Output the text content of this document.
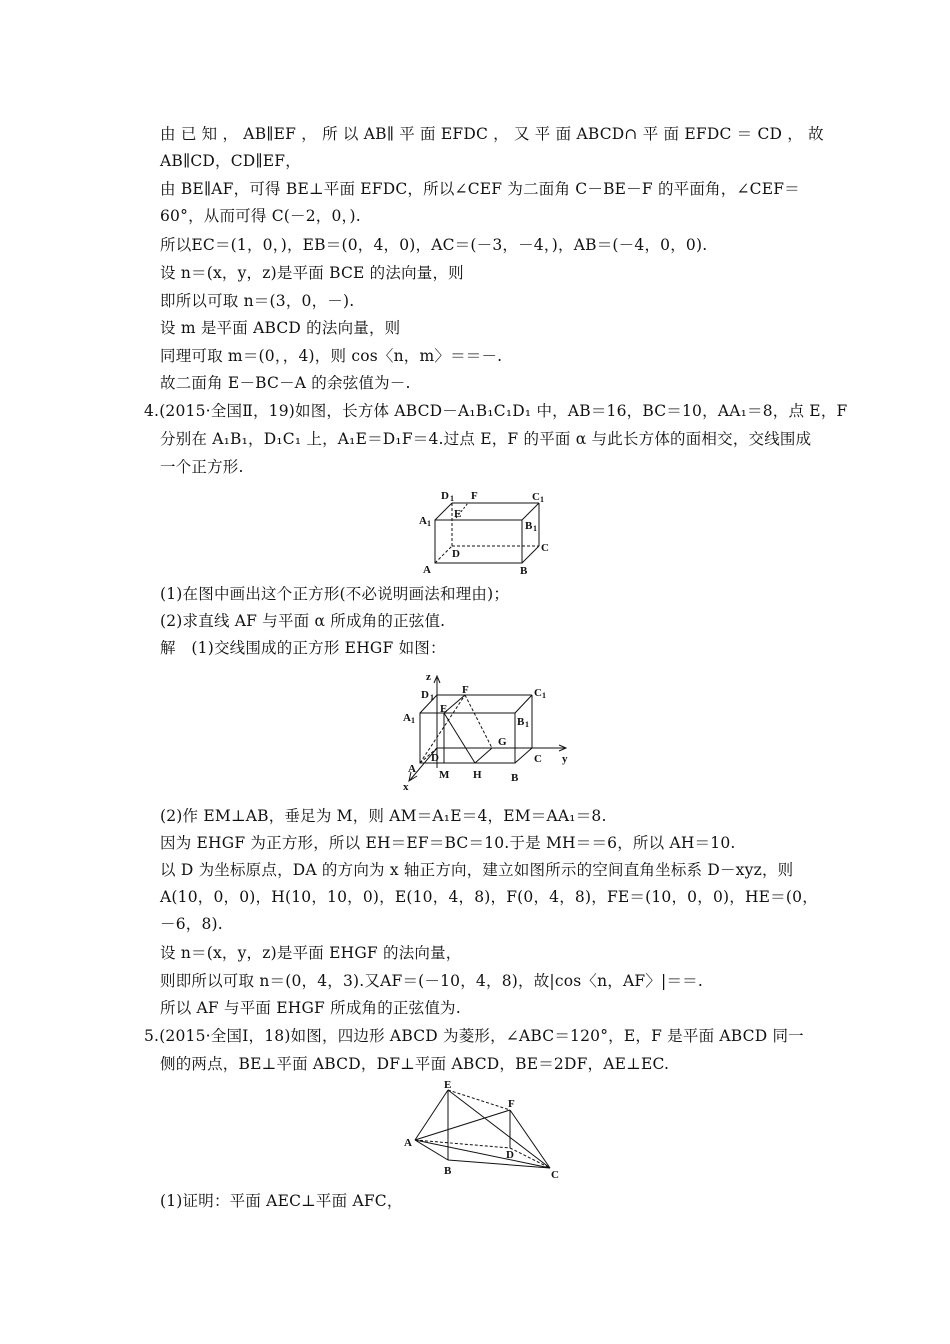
由 已 知 ， AB∥EF ， 所 以 AB∥ 平 面 EFDC ， 又 平 面 ABCD∩ 平 面 EFDC ＝ CD ， 故
AB∥CD，CD∥EF，
由 BE∥AF，可得 BE⊥平面 EFDC，所以∠CEF 为二面角 C－BE－F 的平面角，∠CEF＝
60°，从而可得 C(－2，0，).
所以EC＝(1，0，)，EB＝(0，4，0)，AC＝(－3，－4，)，AB＝(－4，0，0).
设 n＝(x，y，z)是平面 BCE 的法向量，则
即所以可取 n＝(3，0，－).
设 m 是平面 ABCD 的法向量，则
同理可取 m＝(0，，4)，则 cos〈n，m〉＝＝－.
故二面角 E－BC－A 的余弦值为－.
4.(2015·全国Ⅱ，19)如图，长方体 ABCD－A₁B₁C₁D₁ 中，AB＝16，BC＝10，AA₁＝8，点 E，F
分别在 A₁B₁，D₁C₁ 上，A₁E＝D₁F＝4.过点 E，F 的平面 α 与此长方体的面相交，交线围成
一个正方形.
D 1 F	C 1
A 1
E
B 1
D	C
A	B
(1)在图中画出这个正方形(不必说明画法和理由)；
(2)求直线 AF 与平面 α 所成角的正弦值.
解　(1)交线围成的正方形 EHGF 如图：
z
D 1
F	C 1
A 1
E
B 1
G
D	C y
A
x
M H	B
(2)作 EM⊥AB，垂足为 M，则 AM＝A₁E＝4，EM＝AA₁＝8.
因为 EHGF 为正方形，所以 EH＝EF＝BC＝10.于是 MH＝＝6，所以 AH＝10.
以 D 为坐标原点，DA 的方向为 x 轴正方向，建立如图所示的空间直角坐标系 D－xyz，则
A(10，0，0)，H(10，10，0)，E(10，4，8)，F(0，4，8)，FE＝(10，0，0)，HE＝(0，
－6，8).
设 n＝(x，y，z)是平面 EHGF 的法向量，
则即所以可取 n＝(0，4，3).又AF＝(－10，4，8)，故|cos〈n，AF〉|＝＝.
所以 AF 与平面 EHGF 所成角的正弦值为.
5.(2015·全国Ⅰ，18)如图，四边形 ABCD 为菱形，∠ABC＝120°，E，F 是平面 ABCD 同一
侧的两点，BE⊥平面 ABCD，DF⊥平面 ABCD，BE＝2DF，AE⊥EC.
E
F
A
D
B	C
(1)证明：平面 AEC⊥平面 AFC，
